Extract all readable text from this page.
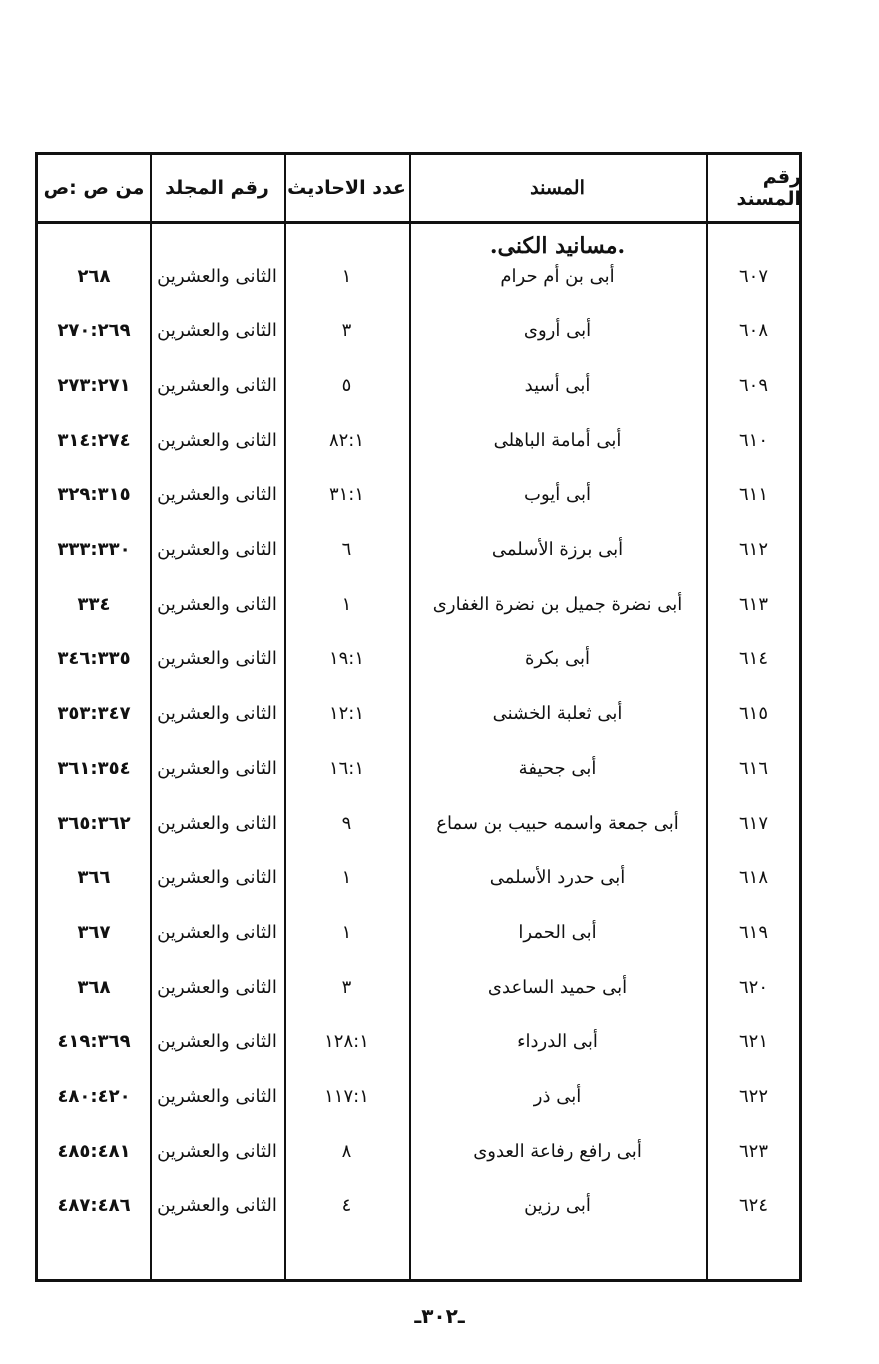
رقم المسند
المسند
عدد الاحاديث
رقم المجلد
من ص :ص
.مسانيد الكنى.
٦٠٧
أبى بن أم حرام
١
الثانى والعشرين
٢٦٨
٦٠٨
أبى أروى
٣
الثانى والعشرين
٢٧٠:٢٦٩
٦٠٩
أبى أسيد
٥
الثانى والعشرين
٢٧٣:٢٧١
٦١٠
أبى أمامة الباهلى
٨٢:١
الثانى والعشرين
٣١٤:٢٧٤
٦١١
أبى أيوب
٣١:١
الثانى والعشرين
٣٢٩:٣١٥
٦١٢
أبى برزة الأسلمى
٦
الثانى والعشرين
٣٣٣:٣٣٠
٦١٣
أبى نضرة جميل بن نضرة الغفارى
١
الثانى والعشرين
٣٣٤
٦١٤
أبى بكرة
١٩:١
الثانى والعشرين
٣٤٦:٣٣٥
٦١٥
أبى ثعلبة الخشنى
١٢:١
الثانى والعشرين
٣٥٣:٣٤٧
٦١٦
أبى جحيفة
١٦:١
الثانى والعشرين
٣٦١:٣٥٤
٦١٧
أبى جمعة واسمه حبيب بن سماع
٩
الثانى والعشرين
٣٦٥:٣٦٢
٦١٨
أبى حدرد الأسلمى
١
الثانى والعشرين
٣٦٦
٦١٩
أبى الحمرا
١
الثانى والعشرين
٣٦٧
٦٢٠
أبى حميد الساعدى
٣
الثانى والعشرين
٣٦٨
٦٢١
أبى الدرداء
١٢٨:١
الثانى والعشرين
٤١٩:٣٦٩
٦٢٢
أبى ذر
١١٧:١
الثانى والعشرين
٤٨٠:٤٢٠
٦٢٣
أبى رافع رفاعة العدوى
٨
الثانى والعشرين
٤٨٥:٤٨١
٦٢٤
أبى رزين
٤
الثانى والعشرين
٤٨٧:٤٨٦
ـ٣٠٢ـ
